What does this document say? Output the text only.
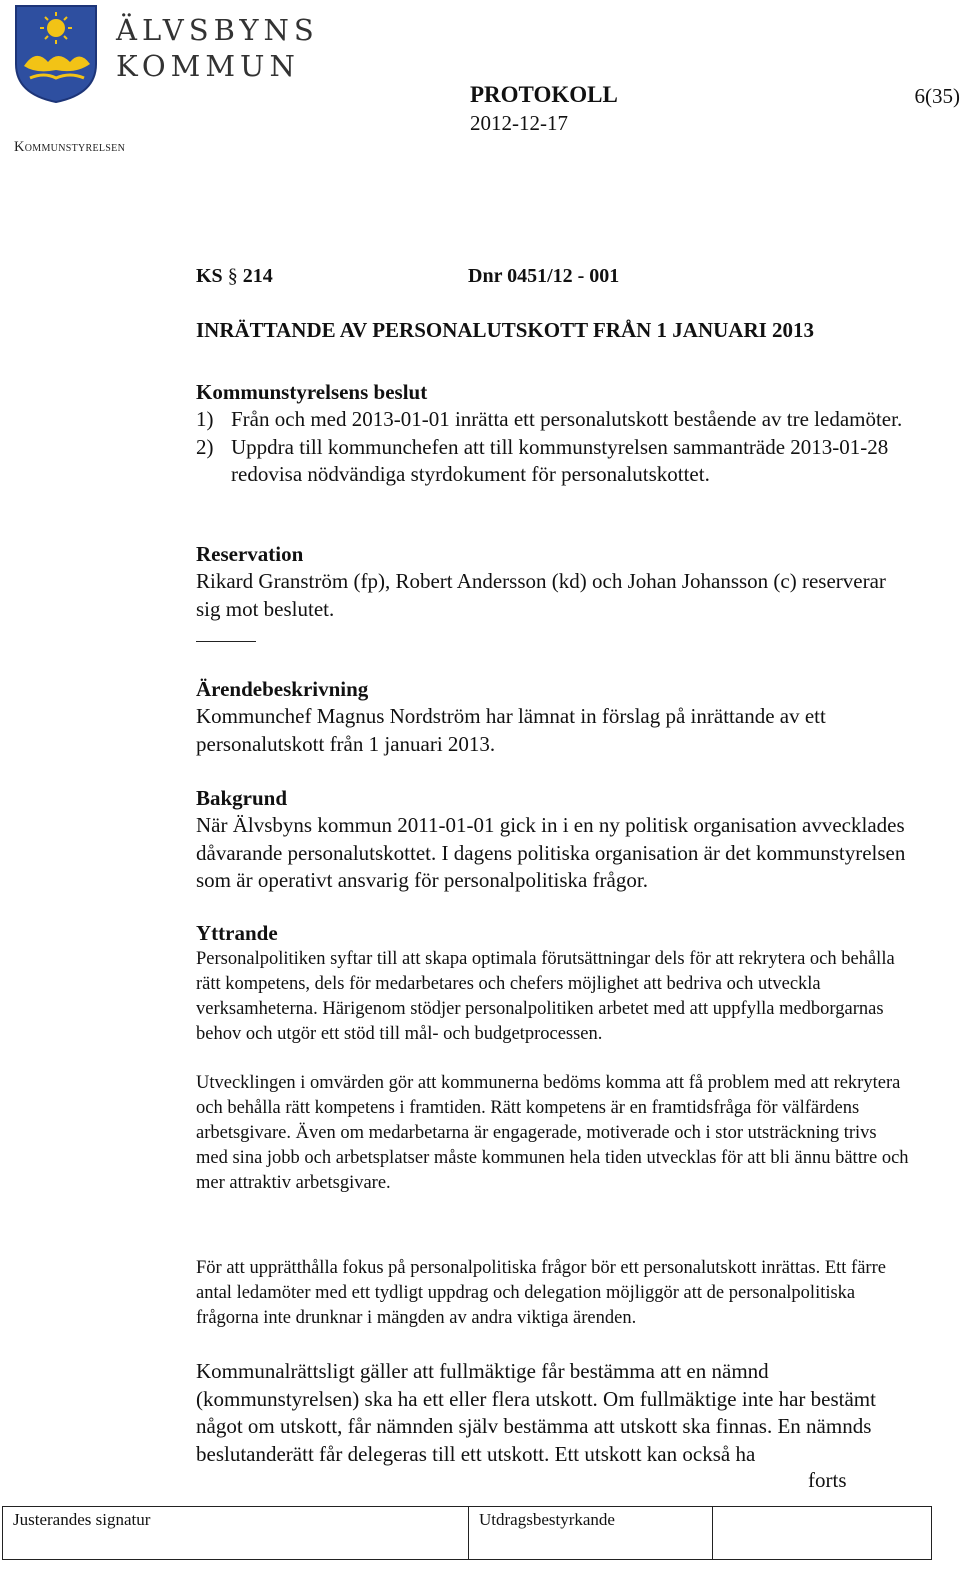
ÄLVSBYNS
KOMMUN
Kommunstyrelsen
PROTOKOLL
2012-12-17
6(35)
KS § 214	Dnr 0451/12 - 001
INRÄTTANDE AV PERSONALUTSKOTT FRÅN 1 JANUARI 2013
Kommunstyrelsens beslut
1) Från och med 2013-01-01 inrätta ett personalutskott bestående av tre ledamöter.
2) Uppdra till kommunchefen att till kommunstyrelsen sammanträde 2013-01-28 redovisa nödvändiga styrdokument för personalutskottet.
Reservation
Rikard Granström (fp), Robert Andersson (kd) och Johan Johansson (c) reserverar sig mot beslutet.
Ärendebeskrivning
Kommunchef Magnus Nordström har lämnat in förslag på inrättande av ett personalutskott från 1 januari 2013.
Bakgrund
När Älvsbyns kommun 2011-01-01 gick in i en ny politisk organisation avvecklades dåvarande personalutskottet. I dagens politiska organisation är det kommunstyrelsen som är operativt ansvarig för personalpolitiska frågor.
Yttrande
Personalpolitiken syftar till att skapa optimala förutsättningar dels för att rekrytera och behålla rätt kompetens, dels för medarbetares och chefers möjlighet att bedriva och utveckla verksamheterna. Härigenom stödjer personalpolitiken arbetet med att uppfylla medborgarnas behov och utgör ett stöd till mål- och budgetprocessen.
Utvecklingen i omvärden gör att kommunerna bedöms komma att få problem med att rekrytera och behålla rätt kompetens i framtiden. Rätt kompetens är en framtidsfråga för välfärdens arbetsgivare. Även om medarbetarna är engagerade, motiverade och i stor utsträckning trivs med sina jobb och arbetsplatser måste kommunen hela tiden utvecklas för att bli ännu bättre och mer attraktiv arbetsgivare.
För att upprätthålla fokus på personalpolitiska frågor bör ett personalutskott inrättas. Ett färre antal ledamöter med ett tydligt uppdrag och delegation möjliggör att de personalpolitiska frågorna inte drunknar i mängden av andra viktiga ärenden.
Kommunalrättsligt gäller att fullmäktige får bestämma att en nämnd (kommunstyrelsen) ska ha ett eller flera utskott. Om fullmäktige inte har bestämt något om utskott, får nämnden själv bestämma att utskott ska finnas. En nämnds beslutanderätt får delegeras till ett utskott. Ett utskott kan också ha
forts
Justerandes signatur	Utdragsbestyrkande
